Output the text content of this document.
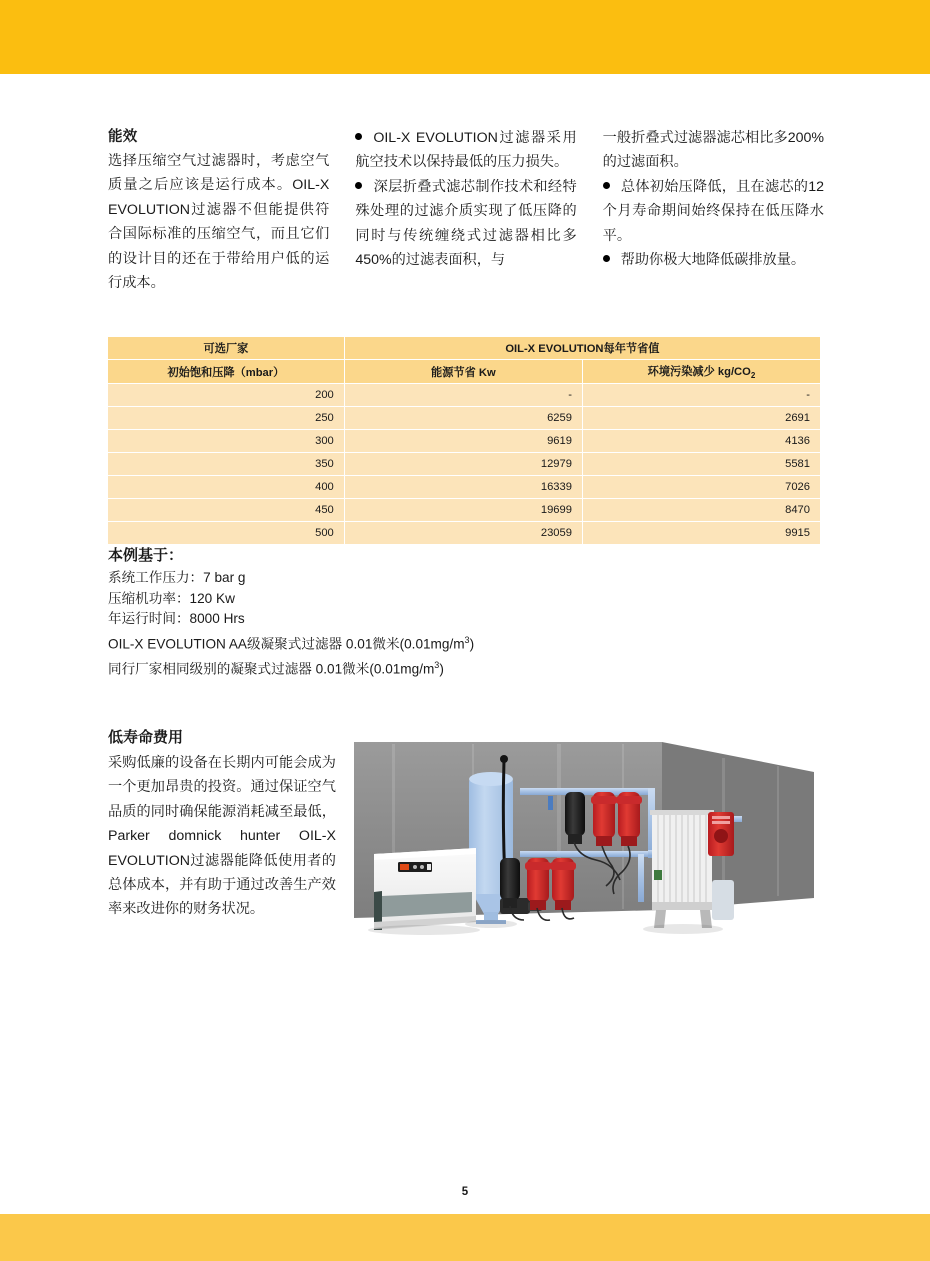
能效

选择压缩空气过滤器时，考虑空气质量之后应该是运行成本。OIL-X EVOLUTION过滤器不但能提供符合国际标准的压缩空气，而且它们的设计目的还在于带给用户低的运行成本。

OIL-X EVOLUTION过滤器采用航空技术以保持最低的压力损失。

深层折叠式滤芯制作技术和经特殊处理的过滤介质实现了低压降的同时与传统缠绕式过滤器相比多450%的过滤表面积，与

一般折叠式过滤器滤芯相比多200%的过滤面积。

总体初始压降低，且在滤芯的12个月寿命期间始终保持在低压降水平。

帮助你极大地降低碳排放量。

可选厂家	OIL-X EVOLUTION每年节省值	
初始饱和压降（mbar）	能源节省 Kw	环境污染减少 $kg/CO_2$
200	-	-
250	6259	2691
300	9619	4136
350	12979	5581
400	16339	7026
450	19699	8470
500	23059	9915

本例基于：

系统工作压力：7 bar g

压缩机功率：120 Kw

年运行时间：8000 Hrs

OIL-X EVOLUTION AA级凝聚式过滤器 0.01微米$(0.01mg/m^3)$

同行厂家相同级别的凝聚式过滤器 0.01微米$(0.01mg/m^3)$

低寿命费用

采购低廉的设备在长期内可能会成为一个更加昂贵的投资。通过保证空气品质的同时确保能源消耗减至最低，Parker domnick hunter OIL-X EVOLUTION过滤器能降低使用者的总体成本，并有助于通过改善生产效率来改进你的财务状况。

5
